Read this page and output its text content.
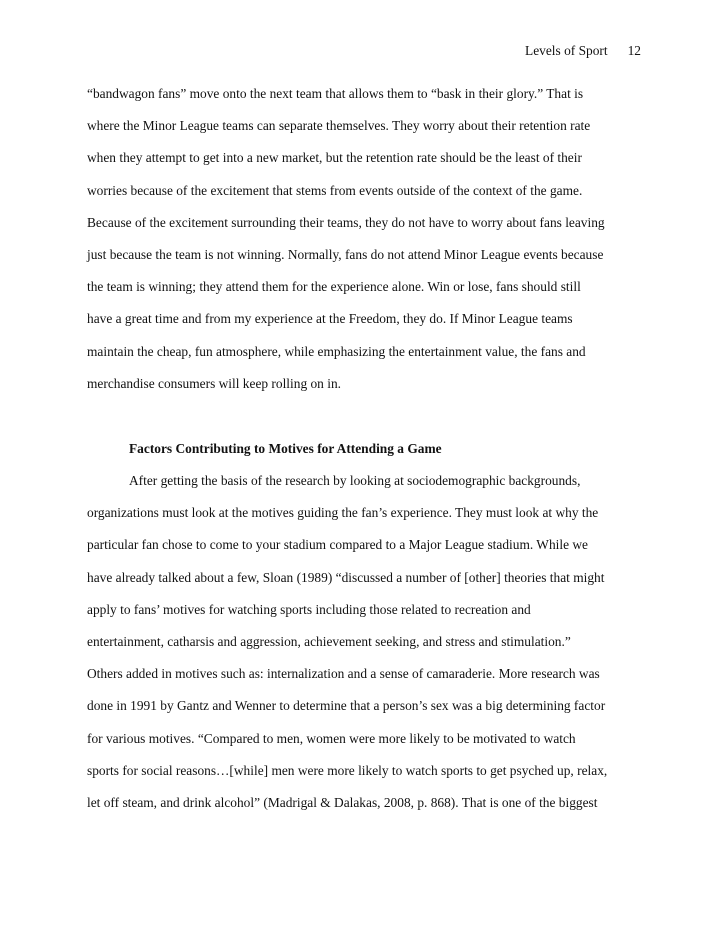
Levels of Sport 12
“bandwagon fans” move onto the next team that allows them to “bask in their glory.” That is
where the Minor League teams can separate themselves. They worry about their retention rate
when they attempt to get into a new market, but the retention rate should be the least of their
worries because of the excitement that stems from events outside of the context of the game.
Because of the excitement surrounding their teams, they do not have to worry about fans leaving
just because the team is not winning. Normally, fans do not attend Minor League events because
the team is winning; they attend them for the experience alone. Win or lose, fans should still
have a great time and from my experience at the Freedom, they do. If Minor League teams
maintain the cheap, fun atmosphere, while emphasizing the entertainment value, the fans and
merchandise consumers will keep rolling on in.
Factors Contributing to Motives for Attending a Game
After getting the basis of the research by looking at sociodemographic backgrounds,
organizations must look at the motives guiding the fan’s experience. They must look at why the
particular fan chose to come to your stadium compared to a Major League stadium. While we
have already talked about a few, Sloan (1989) “discussed a number of [other] theories that might
apply to fans’ motives for watching sports including those related to recreation and
entertainment, catharsis and aggression, achievement seeking, and stress and stimulation.”
Others added in motives such as: internalization and a sense of camaraderie. More research was
done in 1991 by Gantz and Wenner to determine that a person’s sex was a big determining factor
for various motives. “Compared to men, women were more likely to be motivated to watch
sports for social reasons…[while] men were more likely to watch sports to get psyched up, relax,
let off steam, and drink alcohol” (Madrigal & Dalakas, 2008, p. 868). That is one of the biggest
